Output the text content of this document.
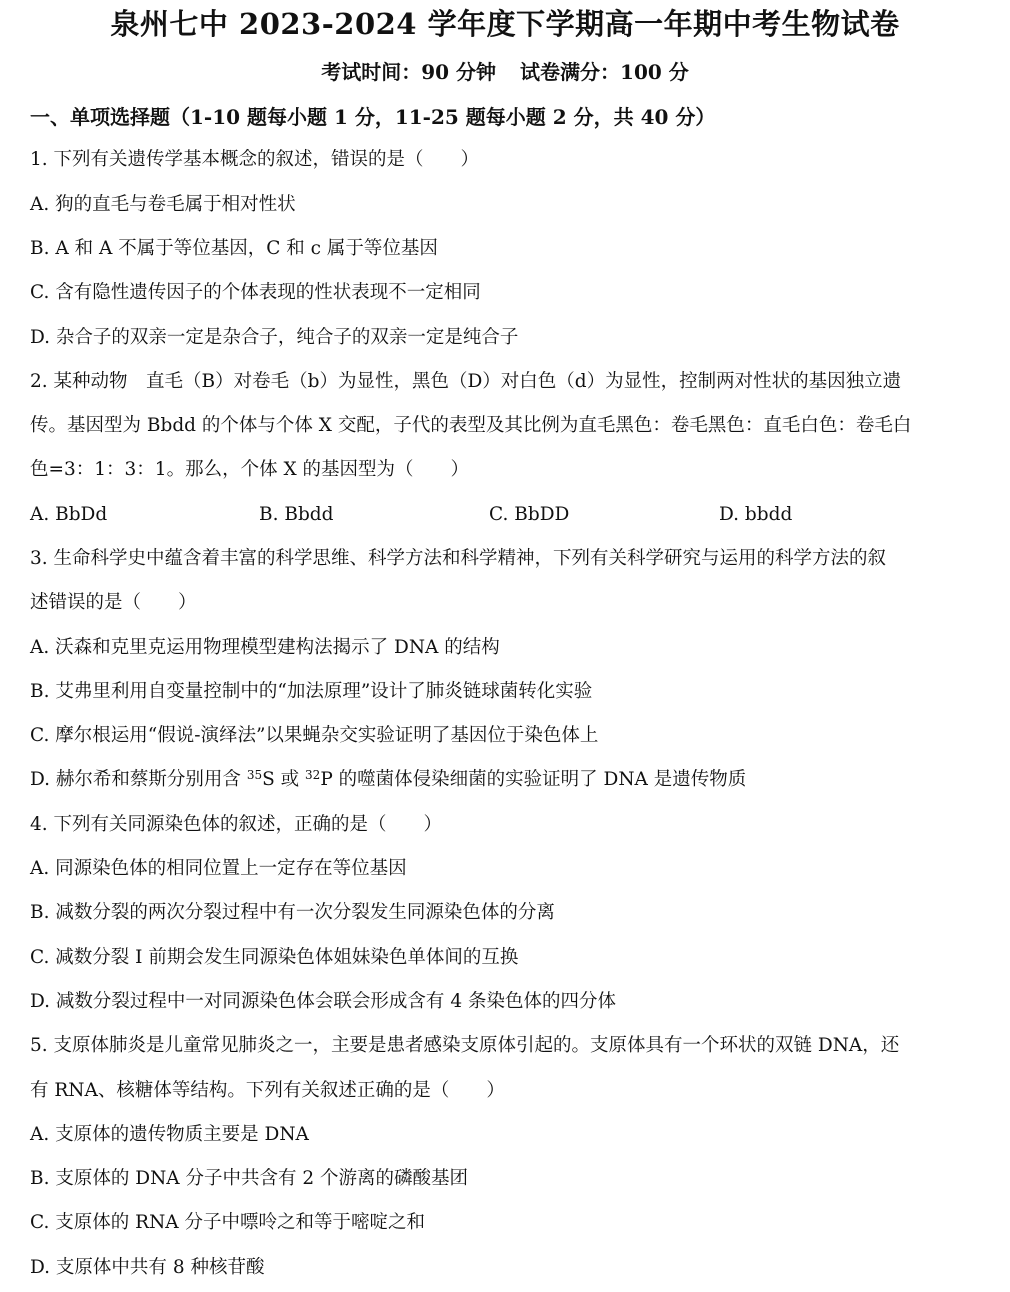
泉州七中 2023-2024 学年度下学期高一年期中考生物试卷
考试时间：90 分钟 试卷满分：100 分
一、单项选择题（1-10 题每小题 1 分，11-25 题每小题 2 分，共 40 分）
1. 下列有关遗传学基本概念的叙述，错误的是（　　）
A. 狗的直毛与卷毛属于相对性状
B. A 和 A 不属于等位基因，C 和 c 属于等位基因
C. 含有隐性遗传因子的个体表现的性状表现不一定相同
D. 杂合子的双亲一定是杂合子，纯合子的双亲一定是纯合子
2. 某种动物　直毛（B）对卷毛（b）为显性，黑色（D）对白色（d）为显性，控制两对性状的基因独立遗
传。基因型为 Bbdd 的个体与个体 X 交配，子代的表型及其比例为直毛黑色：卷毛黑色：直毛白色：卷毛白
色=3：1：3：1。那么，个体 X 的基因型为（　　）
A. BbDd	B. Bbdd	C. BbDD	D. bbdd
3. 生命科学史中蕴含着丰富的科学思维、科学方法和科学精神，下列有关科学研究与运用的科学方法的叙
述错误的是（　　）
A. 沃森和克里克运用物理模型建构法揭示了 DNA 的结构
B. 艾弗里利用自变量控制中的“加法原理”设计了肺炎链球菌转化实验
C. 摩尔根运用“假说-演绎法”以果蝇杂交实验证明了基因位于染色体上
D. 赫尔希和蔡斯分别用含 $^{35}$S 或 $^{32}$P 的噬菌体侵染细菌的实验证明了 DNA 是遗传物质
4. 下列有关同源染色体的叙述，正确的是（　　）
A. 同源染色体的相同位置上一定存在等位基因
B. 减数分裂的两次分裂过程中有一次分裂发生同源染色体的分离
C. 减数分裂 I 前期会发生同源染色体姐妹染色单体间的互换
D. 减数分裂过程中一对同源染色体会联会形成含有 4 条染色体的四分体
5. 支原体肺炎是儿童常见肺炎之一，主要是患者感染支原体引起的。支原体具有一个环状的双链 DNA，还
有 RNA、核糖体等结构。下列有关叙述正确的是（　　）
A. 支原体的遗传物质主要是 DNA
B. 支原体的 DNA 分子中共含有 2 个游离的磷酸基团
C. 支原体的 RNA 分子中嘌呤之和等于嘧啶之和
D. 支原体中共有 8 种核苷酸
